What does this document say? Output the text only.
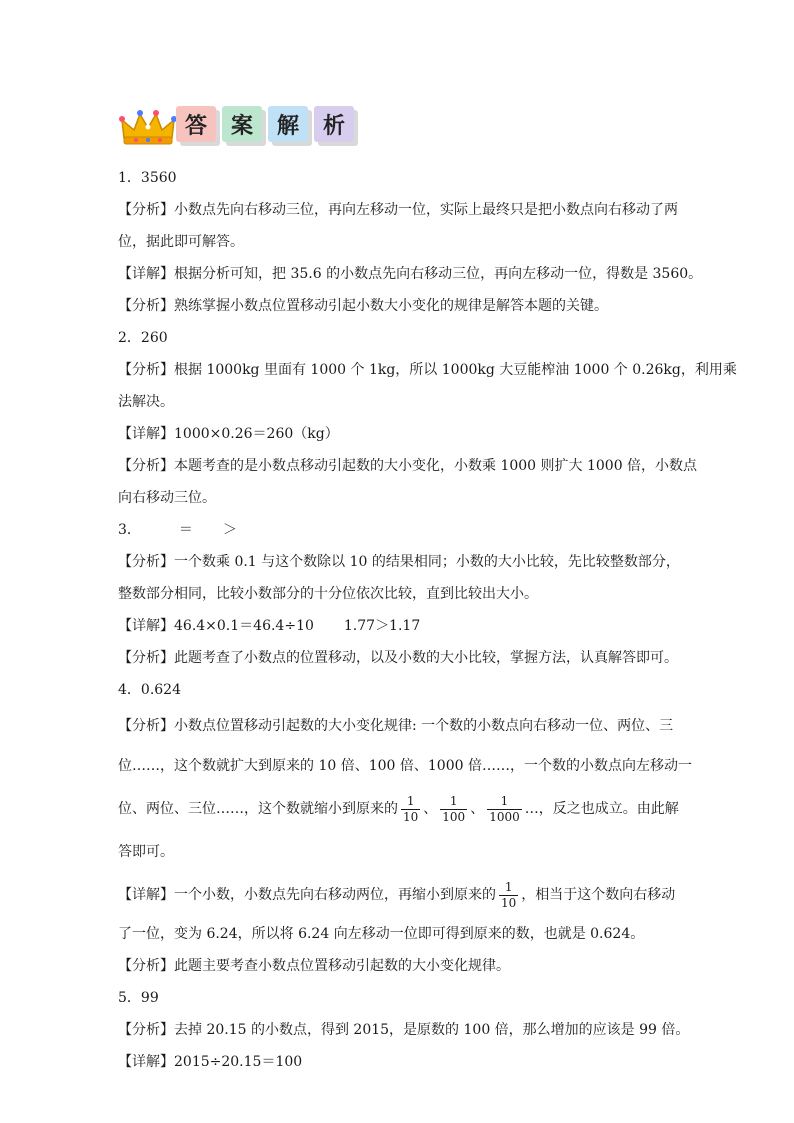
答	案	解	析
1．3560
【分析】小数点先向右移动三位，再向左移动一位，实际上最终只是把小数点向右移动了两
位，据此即可解答。
【详解】根据分析可知，把 35.6 的小数点先向右移动三位，再向左移动一位，得数是 3560。
【分析】熟练掌握小数点位置移动引起小数大小变化的规律是解答本题的关键。
2．260
【分析】根据 1000kg 里面有 1000 个 1kg，所以 1000kg 大豆能榨油 1000 个 0.26kg，利用乘
法解决。
【详解】1000×0.26＝260（kg）
【分析】本题考查的是小数点移动引起数的大小变化，小数乘 1000 则扩大 1000 倍，小数点
向右移动三位。
3．	＝ ＞
【分析】一个数乘 0.1 与这个数除以 10 的结果相同；小数的大小比较，先比较整数部分，
整数部分相同，比较小数部分的十分位依次比较，直到比较出大小。
【详解】46.4×0.1＝46.4÷10 1.77＞1.17
【分析】此题考查了小数点的位置移动，以及小数的大小比较，掌握方法，认真解答即可。
4．0.624
【分析】小数点位置移动引起数的大小变化规律: 一个数的小数点向右移动一位、两位、三
位……，这个数就扩大到原来的 10 倍、100 倍、1000 倍……，一个数的小数点向左移动一
位、两位、三位……，这个数就缩小到原来的 $\frac{1}{10}$ 、 $\frac{1}{100}$ 、 $\frac{1}{1000}$ …，反之也成立。由此解
答即可。
【详解】 一个小数，小数点先向右移动两位，再缩小到原来的 $\frac{1}{10}$ ，相当于这个数向右移动
了一位，变为 6.24，所以将 6.24 向左移动一位即可得到原来的数，也就是 0.624。
【分析】此题主要考查小数点位置移动引起数的大小变化规律。
5．99
【分析】去掉 20.15 的小数点，得到 2015，是原数的 100 倍，那么增加的应该是 99 倍。
【详解】2015÷20.15＝100
